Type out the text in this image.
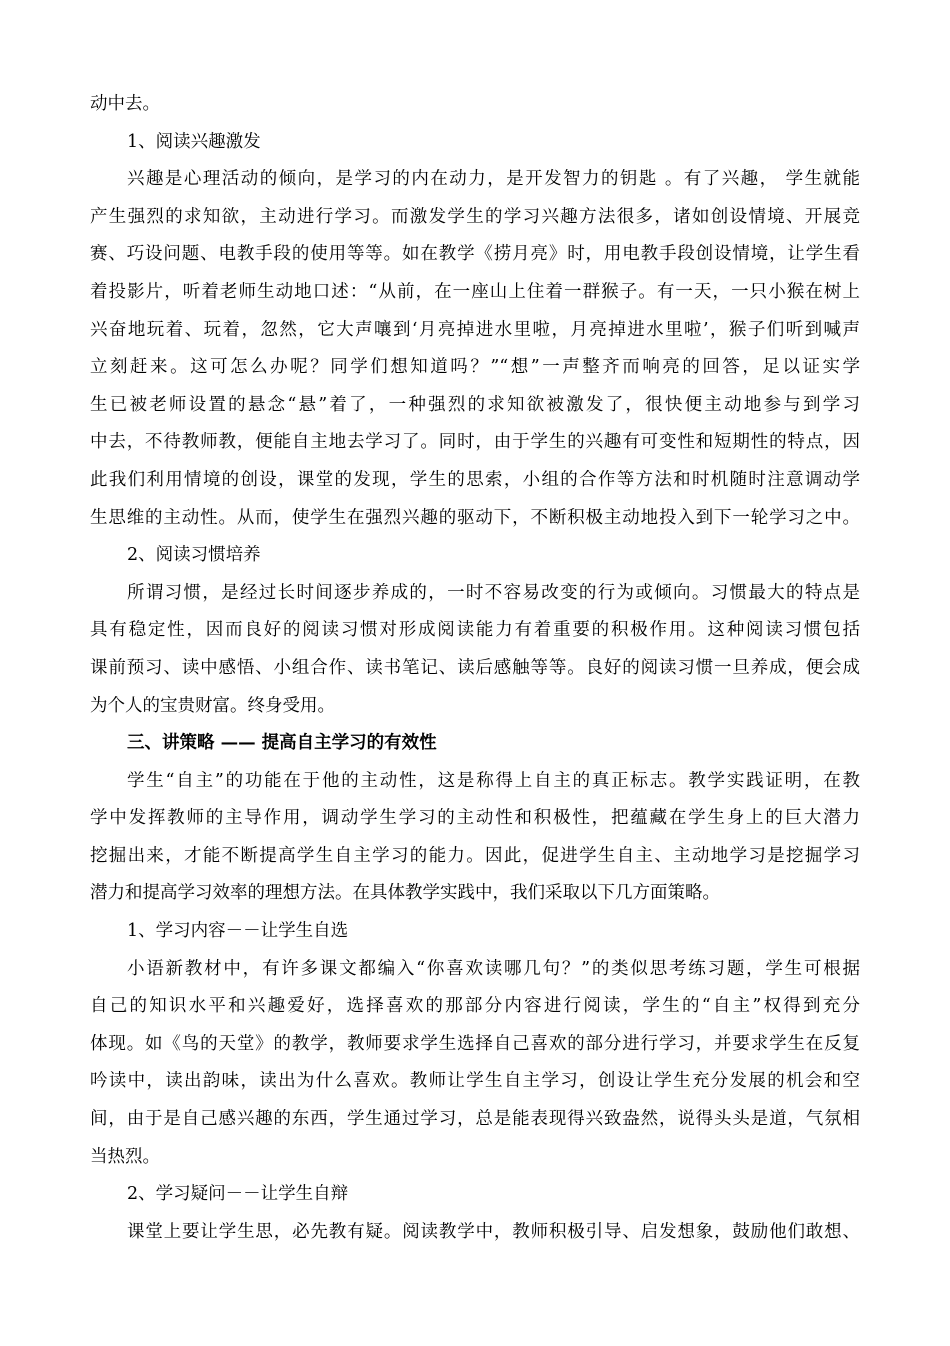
动中去。
1、阅读兴趣激发
兴趣是心理活动的倾向，是学习的内在动力，是开发智力的钥匙 。有了兴趣， 学生就能
产生强烈的求知欲，主动进行学习。而激发学生的学习兴趣方法很多，诸如创设情境、开展竞
赛、巧设问题、电教手段的使用等等。如在教学《捞月亮》时，用电教手段创设情境，让学生看
着投影片，听着老师生动地口述：“从前，在一座山上住着一群猴子。有一天，一只小猴在树上
兴奋地玩着、玩着，忽然，它大声嚷到‘月亮掉进水里啦，月亮掉进水里啦’，猴子们听到喊声
立刻赶来。这可怎么办呢？同学们想知道吗？”“想”一声整齐而响亮的回答，足以证实学
生已被老师设置的悬念“悬”着了，一种强烈的求知欲被激发了，很快便主动地参与到学习
中去，不待教师教，便能自主地去学习了。同时，由于学生的兴趣有可变性和短期性的特点，因
此我们利用情境的创设，课堂的发现，学生的思索，小组的合作等方法和时机随时注意调动学
生思维的主动性。从而，使学生在强烈兴趣的驱动下，不断积极主动地投入到下一轮学习之中。
2、阅读习惯培养
所谓习惯，是经过长时间逐步养成的，一时不容易改变的行为或倾向。习惯最大的特点是
具有稳定性，因而良好的阅读习惯对形成阅读能力有着重要的积极作用。这种阅读习惯包括
课前预习、读中感悟、小组合作、读书笔记、读后感触等等。良好的阅读习惯一旦养成，便会成
为个人的宝贵财富。终身受用。
三、讲策略 —— 提高自主学习的有效性
学生“自主”的功能在于他的主动性，这是称得上自主的真正标志。教学实践证明，在教
学中发挥教师的主导作用，调动学生学习的主动性和积极性，把蕴藏在学生身上的巨大潜力
挖掘出来，才能不断提高学生自主学习的能力。因此，促进学生自主、主动地学习是挖掘学习
潜力和提高学习效率的理想方法。在具体教学实践中，我们采取以下几方面策略。
1、学习内容－－让学生自选
小语新教材中，有许多课文都编入“你喜欢读哪几句？”的类似思考练习题，学生可根据
自己的知识水平和兴趣爱好，选择喜欢的那部分内容进行阅读，学生的“自主”权得到充分
体现。如《鸟的天堂》的教学，教师要求学生选择自己喜欢的部分进行学习，并要求学生在反复
吟读中，读出韵味，读出为什么喜欢。教师让学生自主学习，创设让学生充分发展的机会和空
间，由于是自己感兴趣的东西，学生通过学习，总是能表现得兴致盎然，说得头头是道，气氛相
当热烈。
2、学习疑问－－让学生自辩
课堂上要让学生思，必先教有疑。阅读教学中，教师积极引导、启发想象，鼓励他们敢想、
